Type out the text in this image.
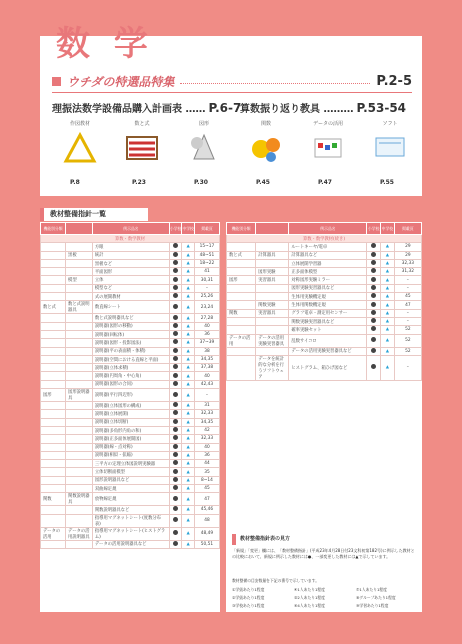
数 学
ウチダの特選品特集	P.2-5
理振法数学設備品購入計画表 …… P.6-7
算数振り返り教具 ……… P.53-54
作図教材
P.8
数と式
P.23
図形
P.30
関数
P.45
データの活用
P.47
ソフト
P.55
教材整備指針一覧
機能別分類		例示品名	小学校	中学校	掲載頁
算数・数学教材					
		方眼		▲	15~17
	黒板	統計		▲	48~51
		黒板など		▲	18~22
		平面図形		▲	41
	模型	立体		▲	30,31
		模型など		▲	–
		式の展開教材		▲	25,26
数と式	数と式説明器具	数直線シート		▲	23,24
		数と式説明器具など		▲	27,28
		説明器(図形の移動)		▲	40
		説明器(回転体)		▲	36
		説明器(図形・投影図法)		▲	37~39
		説明器(平の表面積・体積)		▲	38
		説明器(空間における直線と平面)		▲	34,35
		説明器(立体求積)		▲	37,38
		説明器(円周角・中心角)		▲	40
		説明器(図形の合同)		▲	42,43
図形	図形説明器具	説明器(平行四辺形)		▲	–
		説明器(立体図形の構成)		▲	31
		説明器(立体展開)		▲	32,33
		説明器(立体切断)		▲	34,35
		説明器(多角形内角の和)		▲	42
		説明器(正多面体展開図)		▲	32,33
		説明器(線・点対称)		▲	40
		説明器(相似・拡縮)		▲	36
		三平方の定理立体図説明実験器		▲	44
		立体切断面模型		▲	35
		図形説明器具など		▲	8~14
		双曲線定規		▲	45
関数	関数説明器具	放物線定規		▲	47
		関数説明器具など		▲	45,46
		指導用マグネットシート(度数分布表)		▲	48
データの活用	データの活用説明器具	指導用マグネットシート(ヒストグラム)		▲	48,49
		データの活用説明器具など		▲	50,51
機能別分類		例示品名	小学校	中学校	掲載頁
算数・数学教材(続き)					
		ルートキーヤ/電卓		▲	29
数と式	計算器具	計算器具など		▲	29
		立体展開学習器		▲	32,33
	図形実験	正多面体模型		▲	31,32
図形	実習器具	対称図形実験ミラー		▲	–
		図形実験実習器具など		▲	–
		生体用実験機定規		▲	45
	関数実験	生体用関数機定規		▲	47
関数	実習器具	グラフ電卓・測定用センサー		▲	–
		関数実験実習器具など		▲	–
		確率実験セット		▲	52
データの活用	データの活用実験実習器具	乱数サイコロ		▲	52
		データの活用実験実習器具など		▲	52
	データを統計的な分析を行うソフトウェア	ヒストグラム、箱ひげ図など		▲	–
教材整備指針表の見方
「新規」「変更」欄には、「教材整備指針」(平成23年4月28日付23文科初第182号)に例示した教材との比較において、新規に例示した教材には●、一部変更した教材には▲で示しています。
教材整備の目安数量を下記の番号で示しています。
①学級あたり1程度	④1人あたり1程度	⑦1人あたり1程度
②学級あたり1程度	⑤2人あたり1程度	⑧グループあたり1程度
③学校あたり1程度	⑥4人あたり1程度	⑨学習あたり1程度
